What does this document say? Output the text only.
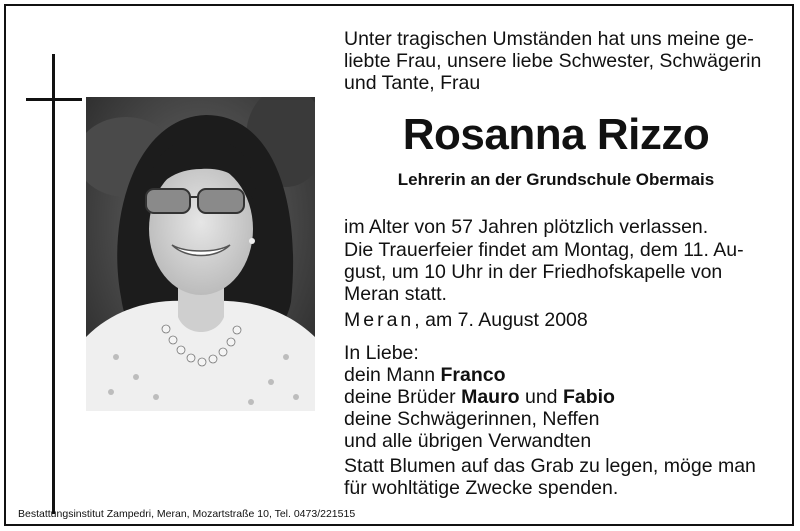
Unter tragischen Umständen hat uns meine ge-
liebte Frau, unsere liebe Schwester, Schwägerin
und Tante, Frau
Rosanna Rizzo
Lehrerin an der Grundschule Obermais
im Alter von 57 Jahren plötzlich verlassen.
Die Trauerfeier findet am Montag, dem 11. Au-
gust, um 10 Uhr in der Friedhofskapelle von
Meran statt.
Meran, am 7. August 2008
In Liebe:
dein Mann Franco
deine Brüder Mauro und Fabio
deine Schwägerinnen, Neffen
und alle übrigen Verwandten
Statt Blumen auf das Grab zu legen, möge man
für wohltätige Zwecke spenden.
Bestattungsinstitut Zampedri, Meran, Mozartstraße 10, Tel. 0473/221515
